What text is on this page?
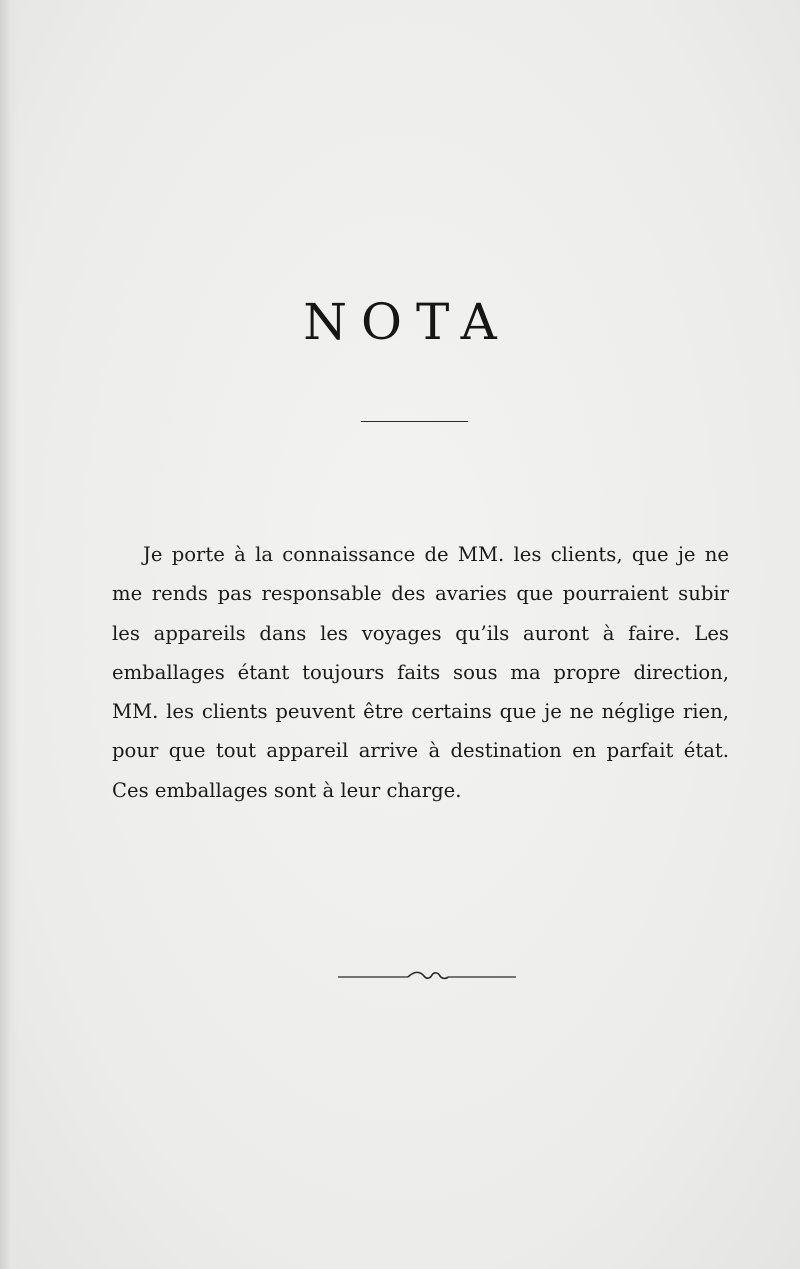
NOTA

Je porte à la connaissance de MM. les clients, que je ne me rends pas responsable des avaries que pourraient subir les appareils dans les voyages qu’ils auront à faire. Les emballages étant toujours faits sous ma propre direction, MM. les clients peuvent être certains que je ne néglige rien, pour que tout appareil arrive à destination en parfait état. Ces emballages sont à leur charge.
